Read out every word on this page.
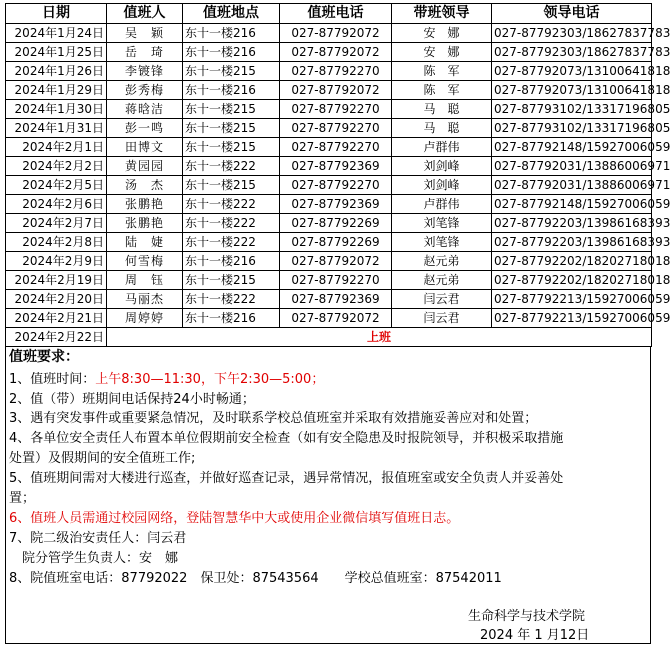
日期	值班人	值班地点	值班电话	带班领导	领导电话
2024年1月24日	吴　颖	东十一楼216	027-87792072	安　娜	027-87792303/18627837783
2024年1月25日	岳　琦	东十一楼216	027-87792072	安　娜	027-87792303/18627837783
2024年1月26日	李镀锋	东十一楼215	027-87792270	陈　军	027-87792073/13100641818
2024年1月29日	彭秀梅	东十一楼216	027-87792072	陈　军	027-87792073/13100641818
2024年1月30日	蒋晗洁	东十一楼215	027-87792270	马　聪	027-87793102/13317196805
2024年1月31日	彭一鸣	东十一楼215	027-87792270	马　聪	027-87793102/13317196805
2024年2月1日	田博文	东十一楼215	027-87792270	卢群伟	027-87792148/15927006059
2024年2月2日	黄园园	东十一楼222	027-87792369	刘剑峰	027-87792031/13886006971
2024年2月5日	汤　杰	东十一楼215	027-87792270	刘剑峰	027-87792031/13886006971
2024年2月6日	张鹏艳	东十一楼222	027-87792369	卢群伟	027-87792148/15927006059
2024年2月7日	张鹏艳	东十一楼222	027-87792269	刘笔锋	027-87792203/13986168393
2024年2月8日	陆　婕	东十一楼222	027-87792269	刘笔锋	027-87792203/13986168393
2024年2月9日	何雪梅	东十一楼216	027-87792072	赵元弟	027-87792202/18202718018
2024年2月19日	周　钰	东十一楼215	027-87792270	赵元弟	027-87792202/18202718018
2024年2月20日	马丽杰	东十一楼222	027-87792369	闫云君	027-87792213/15927006059
2024年2月21日	周婷婷	东十一楼216	027-87792072	闫云君	027-87792213/15927006059
2024年2月22日	上班				
值班要求：
1、值班时间：上午8:30—11:30，下午2:30—5:00；
2、值（带）班期间电话保持24小时畅通；
3、遇有突发事件或重要紧急情况，及时联系学校总值班室并采取有效措施妥善应对和处置；
4、各单位安全责任人布置本单位假期前安全检查（如有安全隐患及时报院领导，并积极采取措施
处置）及假期间的安全值班工作;
5、值班期间需对大楼进行巡查，并做好巡查记录，遇异常情况，报值班室或安全负责人并妥善处
置；
6、值班人员需通过校园网络，登陆智慧华中大或使用企业微信填写值班日志。
7、院二级治安责任人：闫云君
　院分管学生负责人：安　娜
8、院值班室电话：87792022　保卫处：87543564　　学校总值班室：87542011
生命科学与技术学院
2024 年 1 月12日
